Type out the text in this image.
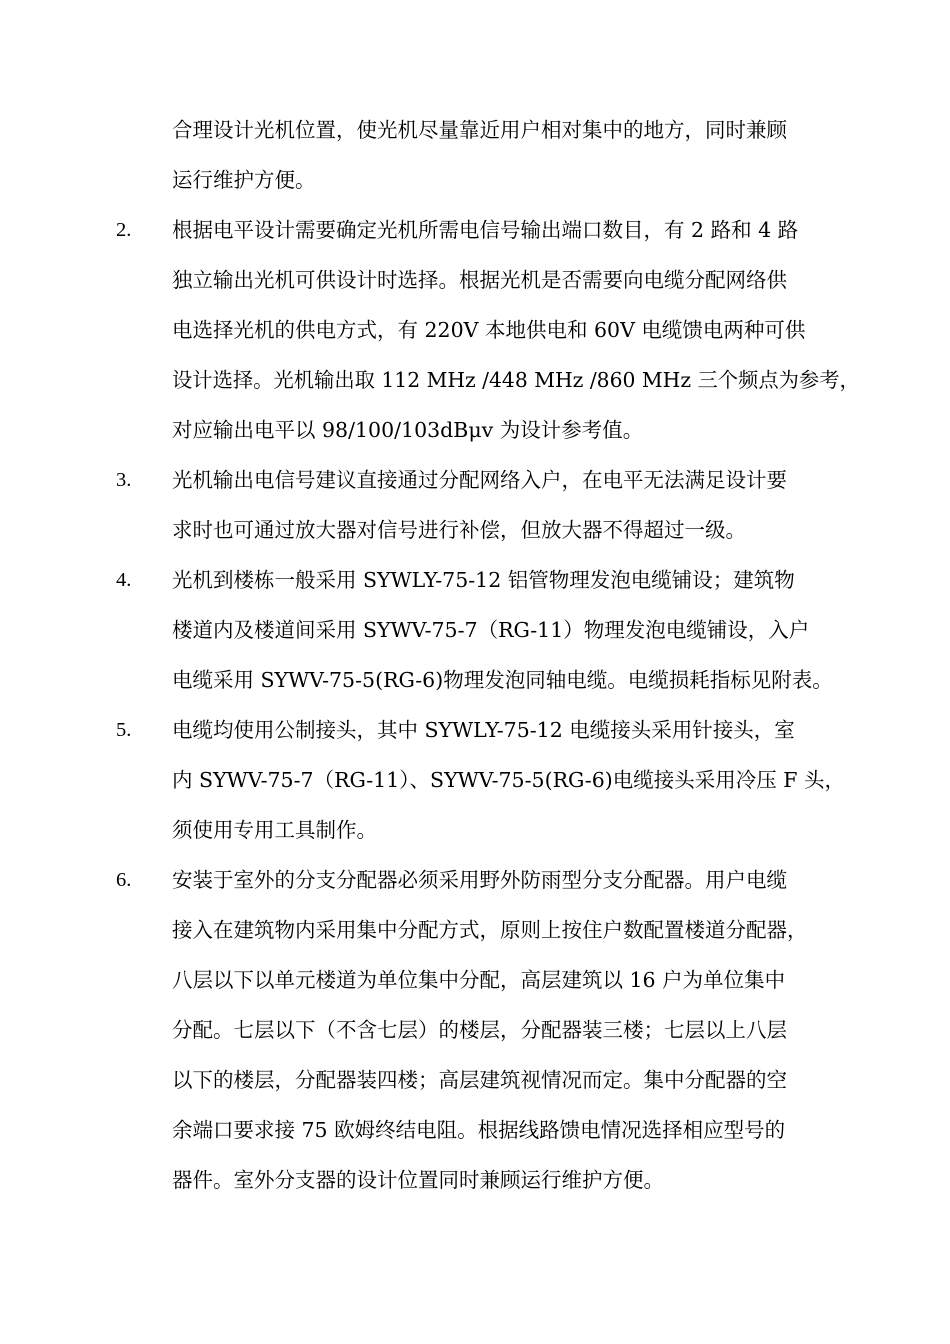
合理设计光机位置，使光机尽量靠近用户相对集中的地方，同时兼顾
运行维护方便。
2. 根据电平设计需要确定光机所需电信号输出端口数目，有 2 路和 4 路
独立输出光机可供设计时选择。根据光机是否需要向电缆分配网络供
电选择光机的供电方式，有 220V 本地供电和 60V 电缆馈电两种可供
设计选择。光机输出取 112 MHz /448 MHz /860 MHz 三个频点为参考，
对应输出电平以 98/100/103dBμv 为设计参考值。
3. 光机输出电信号建议直接通过分配网络入户，在电平无法满足设计要
求时也可通过放大器对信号进行补偿，但放大器不得超过一级。
4. 光机到楼栋一般采用 SYWLY-75-12 铝管物理发泡电缆铺设；建筑物
楼道内及楼道间采用 SYWV-75-7（RG-11）物理发泡电缆铺设，入户
电缆采用 SYWV-75-5(RG-6)物理发泡同轴电缆。电缆损耗指标见附表。
5. 电缆均使用公制接头，其中 SYWLY-75-12 电缆接头采用针接头，室
内 SYWV-75-7（RG-11）、SYWV-75-5(RG-6)电缆接头采用冷压 F 头，
须使用专用工具制作。
6. 安装于室外的分支分配器必须采用野外防雨型分支分配器。用户电缆
接入在建筑物内采用集中分配方式，原则上按住户数配置楼道分配器，
八层以下以单元楼道为单位集中分配，高层建筑以 16 户为单位集中
分配。七层以下（不含七层）的楼层，分配器装三楼；七层以上八层
以下的楼层，分配器装四楼；高层建筑视情况而定。集中分配器的空
余端口要求接 75 欧姆终结电阻。根据线路馈电情况选择相应型号的
器件。室外分支器的设计位置同时兼顾运行维护方便。
